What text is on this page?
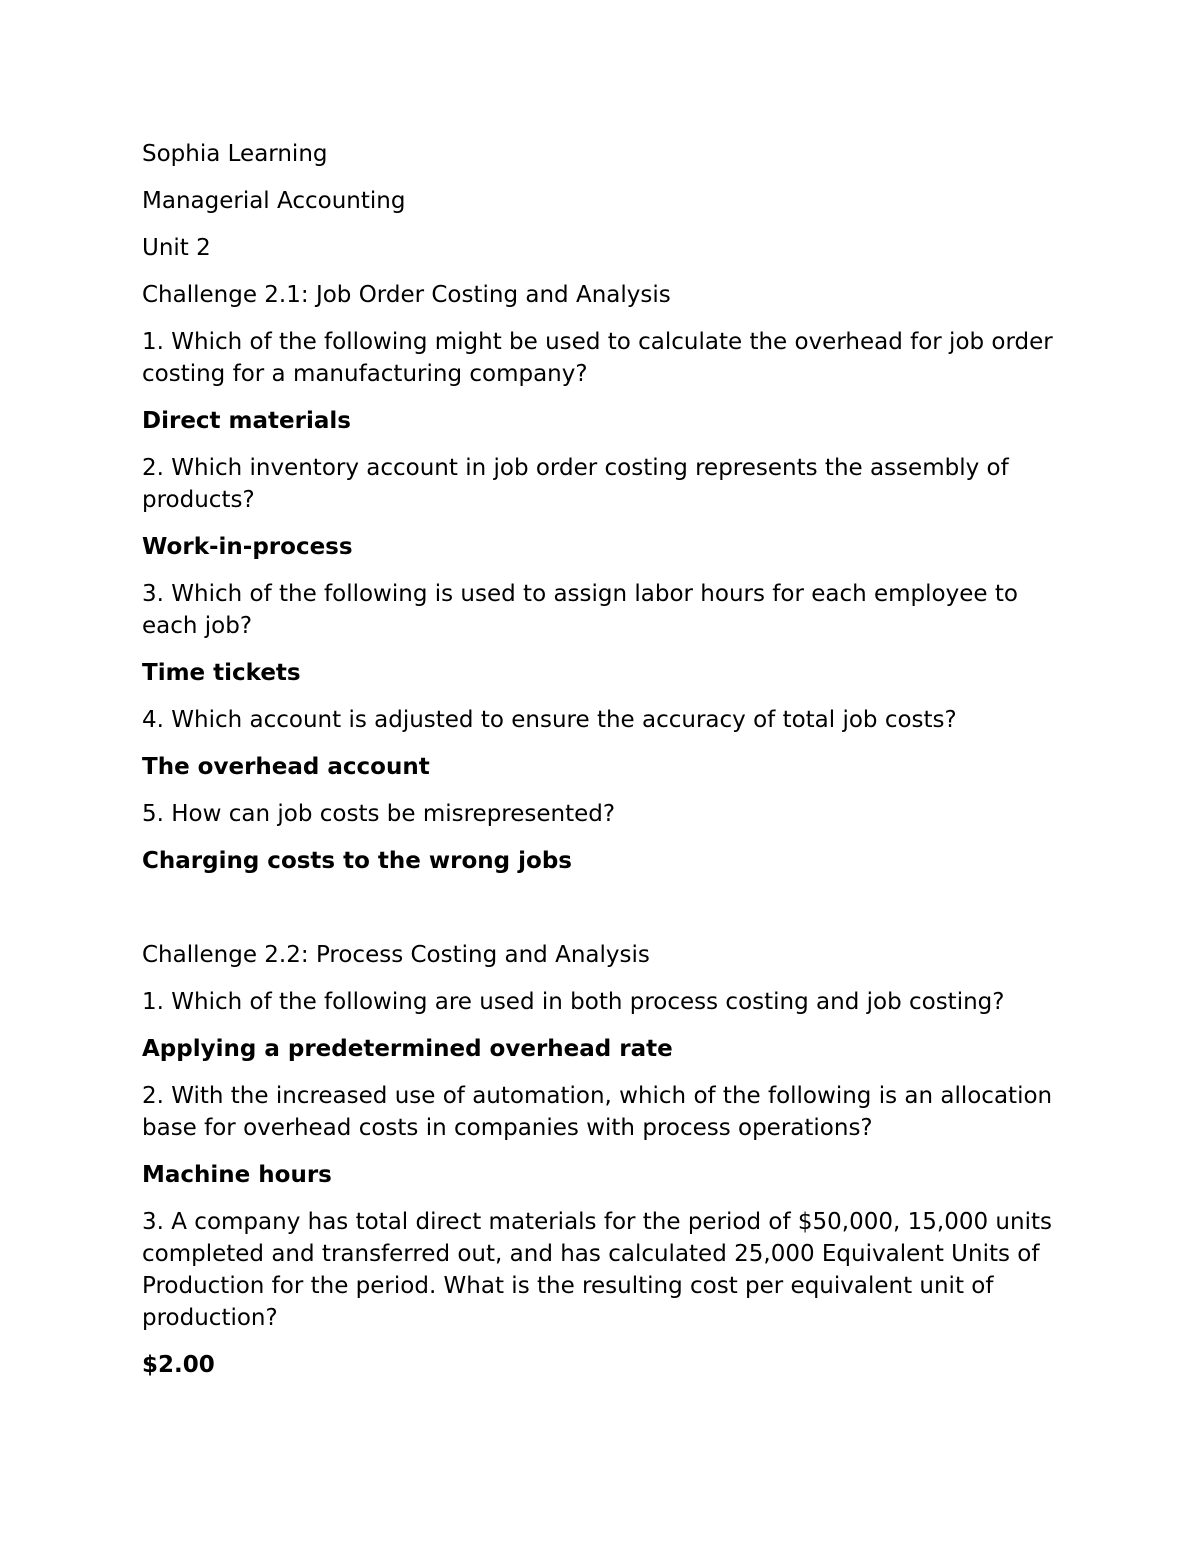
Sophia Learning
Managerial Accounting
Unit 2
Challenge 2.1: Job Order Costing and Analysis
1. Which of the following might be used to calculate the overhead for job order costing for a manufacturing company?
Direct materials
2. Which inventory account in job order costing represents the assembly of products?
Work-in-process
3. Which of the following is used to assign labor hours for each employee to each job?
Time tickets
4. Which account is adjusted to ensure the accuracy of total job costs?
The overhead account
5. How can job costs be misrepresented?
Charging costs to the wrong jobs
Challenge 2.2: Process Costing and Analysis
1. Which of the following are used in both process costing and job costing?
Applying a predetermined overhead rate
2. With the increased use of automation, which of the following is an allocation base for overhead costs in companies with process operations?
Machine hours
3. A company has total direct materials for the period of $50,000, 15,000 units completed and transferred out, and has calculated 25,000 Equivalent Units of Production for the period. What is the resulting cost per equivalent unit of production?
$2.00
